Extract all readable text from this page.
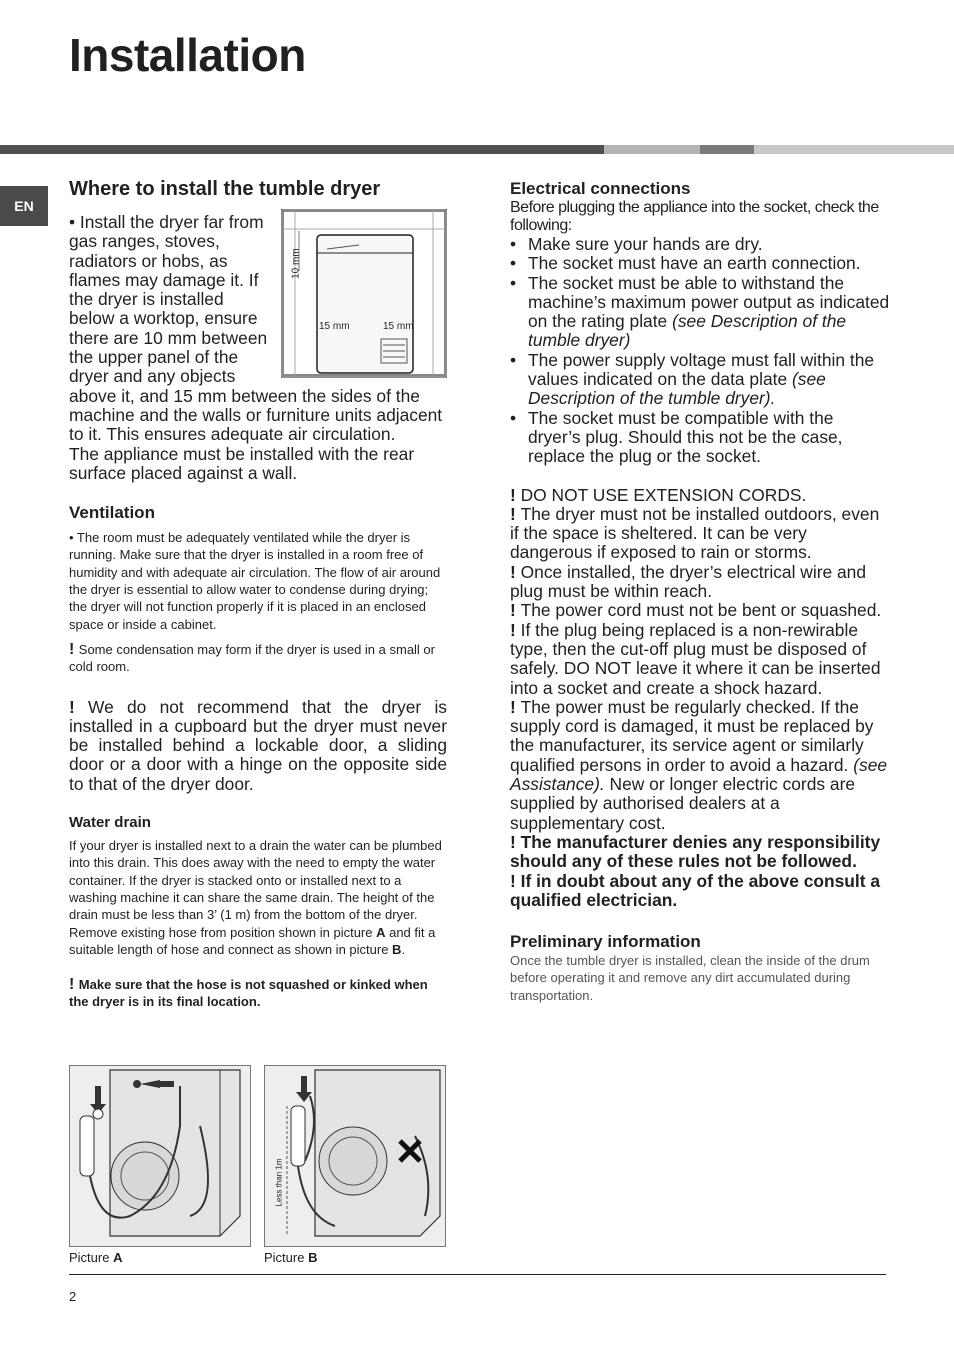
Installation
EN
Where to install the tumble dryer
10 mm
15 mm	15 mm

• Install the dryer far from gas ranges, stoves, radiators or hobs, as flames may damage it. If the dryer is installed below a worktop, ensure there are 10 mm between the upper panel of the dryer and any objects above it, and 15 mm between the sides of the machine and the walls or furniture units adjacent to it. This ensures adequate air circulation.

The appliance must be installed with the rear surface placed against a wall.

Ventilation

• The room must be adequately ventilated while the dryer is running. Make sure that the dryer is installed in a room free of humidity and with adequate air circulation. The flow of air around the dryer is essential to allow water to condense during drying; the dryer will not function properly if it is placed in an enclosed space or inside a cabinet.

! Some condensation may form if the dryer is used in a small or cold room.

! We do not recommend that the dryer is installed in a cupboard but the dryer must never be installed behind a lockable door, a sliding door or a door with a hinge on the opposite side to that of the dryer door.

Water drain

If your dryer is installed next to a drain the water can be plumbed into this drain. This does away with the need to empty the water container. If the dryer is stacked onto or installed next to a washing machine it can share the same drain. The height of the drain must be less than 3’ (1 m) from the bottom of the dryer.

Remove existing hose from position shown in picture A and fit a suitable length of hose and connect as shown in picture B.

! Make sure that the hose is not squashed or kinked when the dryer is in its final location.

Less than 1m
Picture A	Picture B
Electrical connections

Before plugging the appliance into the socket, check the following:

• Make sure your hands are dry.
• The socket must have an earth connection.
• The socket must be able to withstand the machine’s maximum power output as indicated on the rating plate (see Description of the tumble dryer)
• The power supply voltage must fall within the values indicated on the data plate (see Description of the tumble dryer).
• The socket must be compatible with the dryer’s plug. Should this not be the case, replace the plug or the socket.

! DO NOT USE EXTENSION CORDS.

! The dryer must not be installed outdoors, even if the space is sheltered. It can be very dangerous if exposed to rain or storms.

! Once installed, the dryer’s electrical wire and plug must be within reach.

! The power cord must not be bent or squashed.

! If the plug being replaced is a non-rewirable type, then the cut-off plug must be disposed of safely. DO NOT leave it where it can be inserted into a socket and create a shock hazard.

! The power must be regularly checked. If the supply cord is damaged, it must be replaced by the manufacturer, its service agent or similarly qualified persons in order to avoid a hazard. (see Assistance). New or longer electric cords are supplied by authorised dealers at a supplementary cost.

! The manufacturer denies any responsibility should any of these rules not be followed.

! If in doubt about any of the above consult a qualified electrician.

Preliminary information

Once the tumble dryer is installed, clean the inside of the drum before operating it and remove any dirt accumulated during transportation.

2
